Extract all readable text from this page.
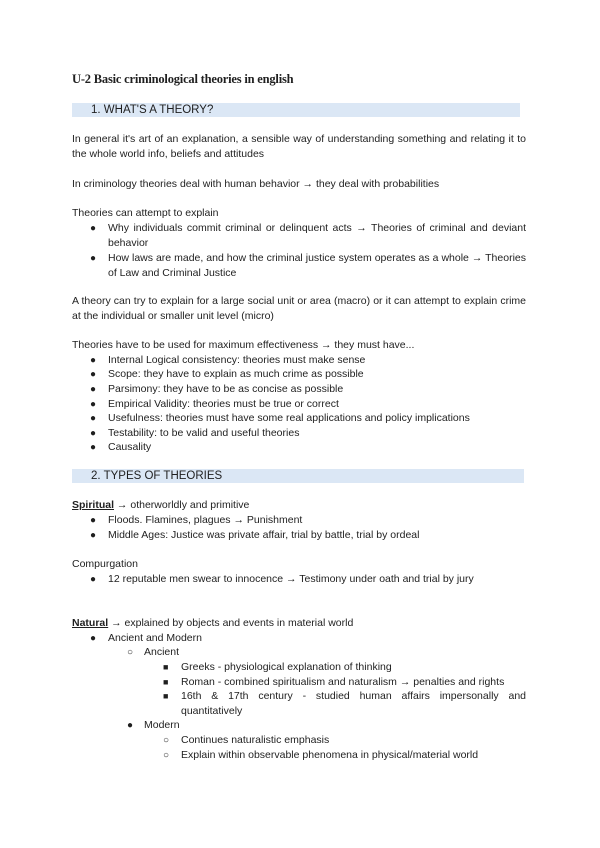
U-2 Basic criminological theories in english
1. WHAT'S A THEORY?
In general it's art of an explanation, a sensible way of understanding something and relating it to the whole world info, beliefs and attitudes
In criminology theories deal with human behavior → they deal with probabilities
Theories can attempt to explain
● Why individuals commit criminal or delinquent acts → Theories of criminal and deviant behavior
● How laws are made, and how the criminal justice system operates as a whole → Theories of Law and Criminal Justice
A theory can try to explain for a large social unit or area (macro) or it can attempt to explain crime at the individual or smaller unit level (micro)
Theories have to be used for maximum effectiveness → they must have...
● Internal Logical consistency: theories must make sense
● Scope: they have to explain as much crime as possible
● Parsimony: they have to be as concise as possible
● Empirical Validity: theories must be true or correct
● Usefulness: theories must have some real applications and policy implications
● Testability: to be valid and useful theories
● Causality
2. TYPES OF THEORIES
Spiritual → otherworldly and primitive
● Floods. Flamines, plagues → Punishment
● Middle Ages: Justice was private affair, trial by battle, trial by ordeal
Compurgation
● 12 reputable men swear to innocence → Testimony under oath and trial by jury
Natural → explained by objects and events in material world
● Ancient and Modern
○ Ancient
■ Greeks - physiological explanation of thinking
■ Roman - combined spiritualism and naturalism → penalties and rights
■ 16th & 17th century - studied human affairs impersonally and quantitatively
● Modern
○ Continues naturalistic emphasis
○ Explain within observable phenomena in physical/material world
